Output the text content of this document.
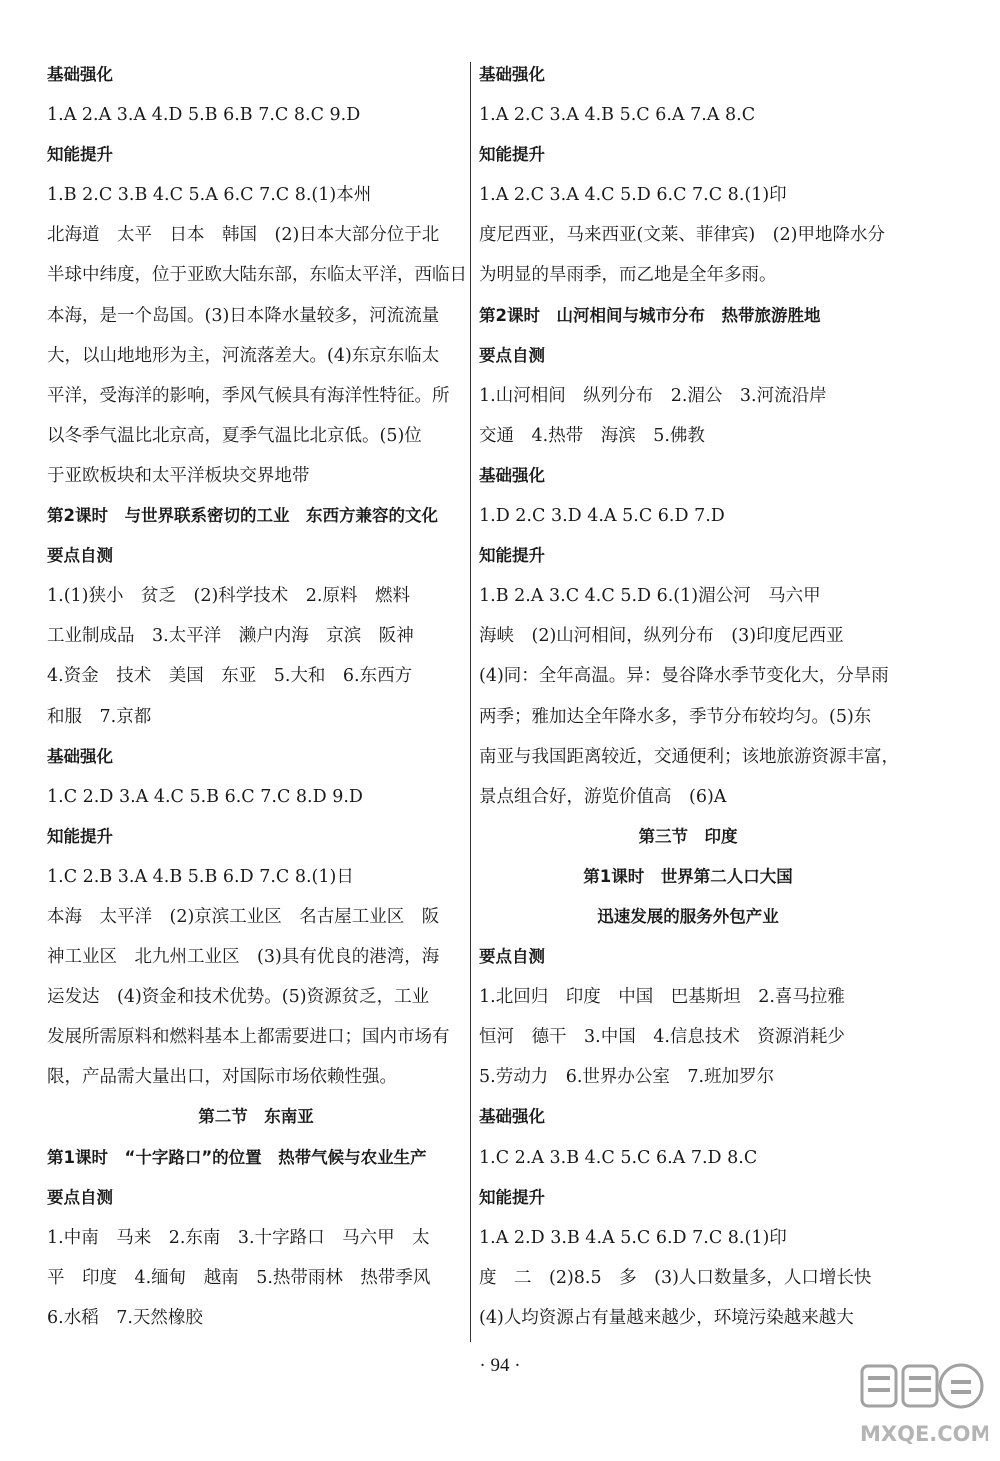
基础强化
1.A 2.A 3.A 4.D 5.B 6.B 7.C 8.C 9.D
知能提升
1.B 2.C 3.B 4.C 5.A 6.C 7.C 8.(1)本州
北海道　太平　日本　韩国　(2)日本大部分位于北
半球中纬度，位于亚欧大陆东部，东临太平洋，西临日
本海，是一个岛国。(3)日本降水量较多，河流流量
大，以山地地形为主，河流落差大。(4)东京东临太
平洋，受海洋的影响，季风气候具有海洋性特征。所
以冬季气温比北京高，夏季气温比北京低。(5)位
于亚欧板块和太平洋板块交界地带
第2课时　与世界联系密切的工业　东西方兼容的文化
要点自测
1.(1)狭小　贫乏　(2)科学技术　2.原料　燃料
工业制成品　3.太平洋　濑户内海　京滨　阪神
4.资金　技术　美国　东亚　5.大和　6.东西方
和服　7.京都
基础强化
1.C 2.D 3.A 4.C 5.B 6.C 7.C 8.D 9.D
知能提升
1.C 2.B 3.A 4.B 5.B 6.D 7.C 8.(1)日
本海　太平洋　(2)京滨工业区　名古屋工业区　阪
神工业区　北九州工业区　(3)具有优良的港湾，海
运发达　(4)资金和技术优势。(5)资源贫乏，工业
发展所需原料和燃料基本上都需要进口；国内市场有
限，产品需大量出口，对国际市场依赖性强。
第二节　东南亚
第1课时　“十字路口”的位置　热带气候与农业生产
要点自测
1.中南　马来　2.东南　3.十字路口　马六甲　太
平　印度　4.缅甸　越南　5.热带雨林　热带季风
6.水稻　7.天然橡胶
基础强化
1.A 2.C 3.A 4.B 5.C 6.A 7.A 8.C
知能提升
1.A 2.C 3.A 4.C 5.D 6.C 7.C 8.(1)印
度尼西亚，马来西亚(文莱、菲律宾)　(2)甲地降水分
为明显的旱雨季，而乙地是全年多雨。
第2课时　山河相间与城市分布　热带旅游胜地
要点自测
1.山河相间　纵列分布　2.湄公　3.河流沿岸
交通　4.热带　海滨　5.佛教
基础强化
1.D 2.C 3.D 4.A 5.C 6.D 7.D
知能提升
1.B 2.A 3.C 4.C 5.D 6.(1)湄公河　马六甲
海峡　(2)山河相间，纵列分布　(3)印度尼西亚
(4)同：全年高温。异：曼谷降水季节变化大，分旱雨
两季；雅加达全年降水多，季节分布较均匀。(5)东
南亚与我国距离较近，交通便利；该地旅游资源丰富，
景点组合好，游览价值高　(6)A
第三节　印度
第1课时　世界第二人口大国
迅速发展的服务外包产业
要点自测
1.北回归　印度　中国　巴基斯坦　2.喜马拉雅
恒河　德干　3.中国　4.信息技术　资源消耗少
5.劳动力　6.世界办公室　7.班加罗尔
基础强化
1.C 2.A 3.B 4.C 5.C 6.A 7.D 8.C
知能提升
1.A 2.D 3.B 4.A 5.C 6.D 7.C 8.(1)印
度　二　(2)8.5　多　(3)人口数量多，人口增长快
(4)人均资源占有量越来越少，环境污染越来越大
· 94 ·
MXQE.COM
